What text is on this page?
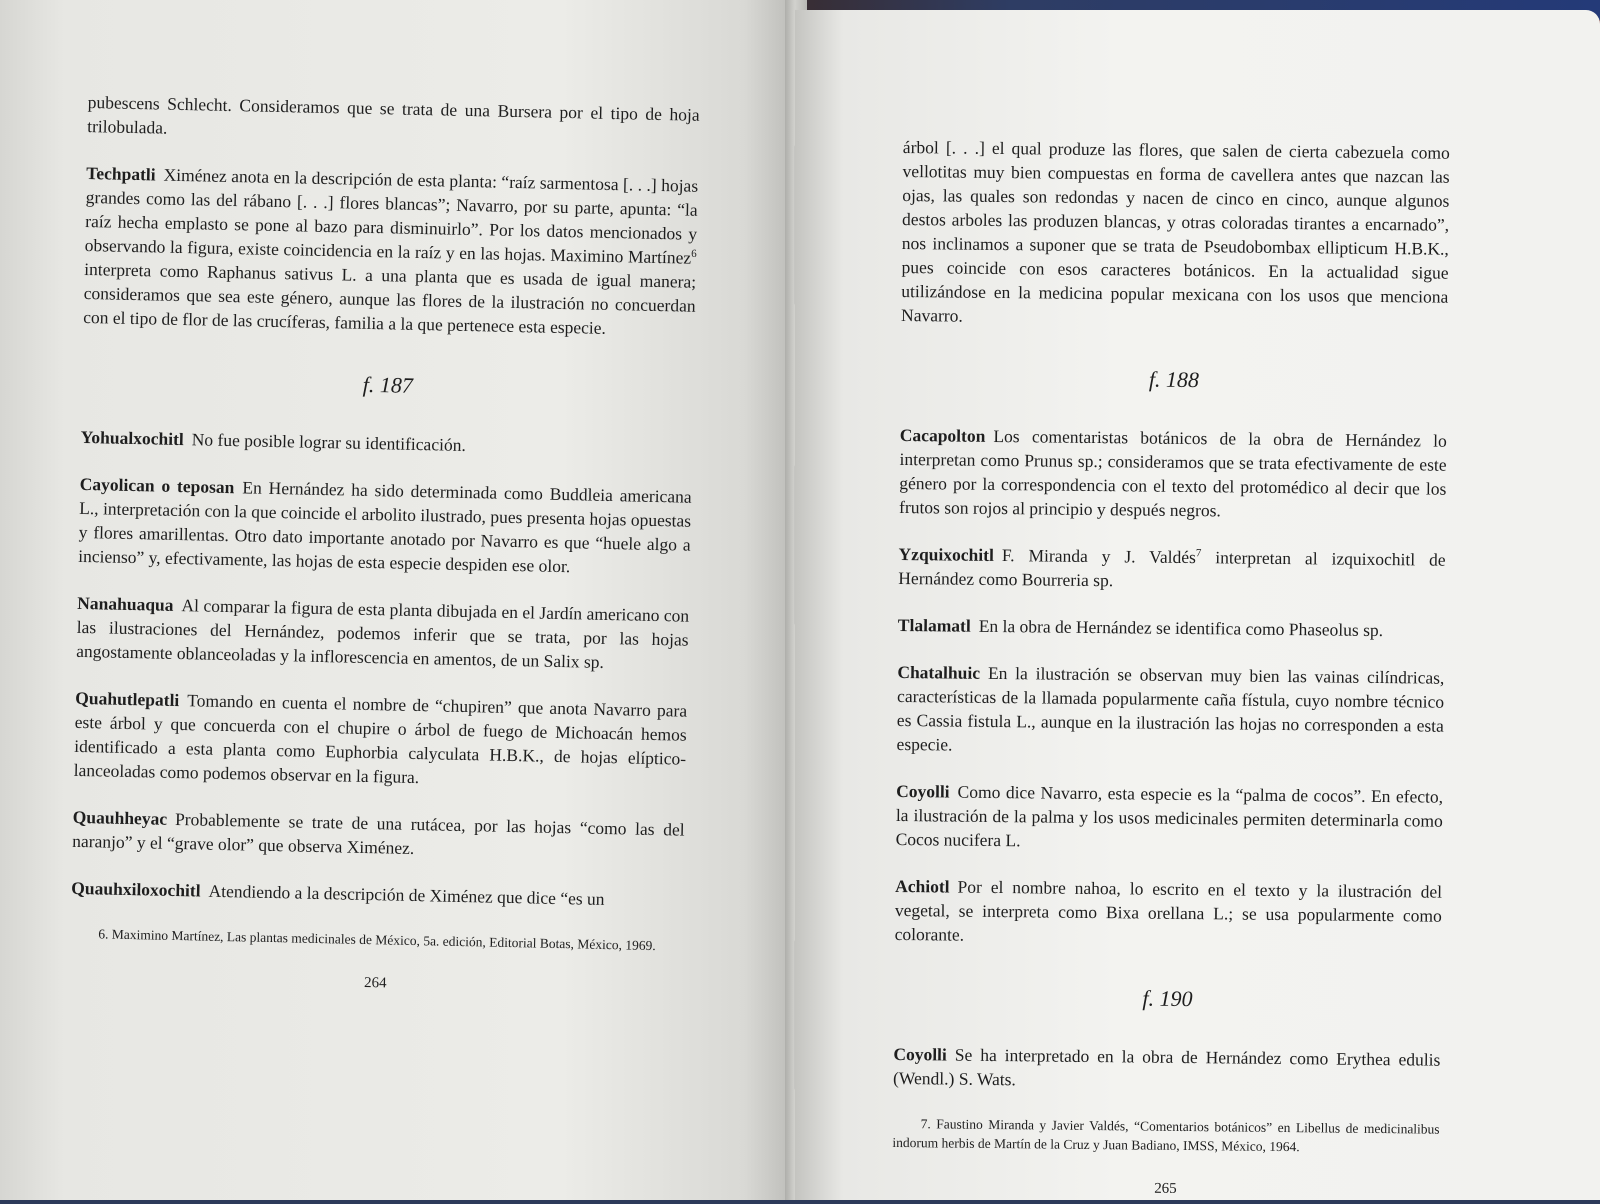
pubescens Schlecht. Consideramos que se trata de una Bursera por el tipo de hoja trilobulada.

Techpatli Ximénez anota en la descripción de esta planta: “raíz sarmentosa [. . .] hojas grandes como las del rábano [. . .] flores blancas”; Navarro, por su parte, apunta: “la raíz hecha emplasto se pone al bazo para disminuirlo”. Por los datos mencionados y observando la figura, existe coincidencia en la raíz y en las hojas. Maximino Martínez$^6$ interpreta como Raphanus sativus L. a una planta que es usada de igual manera; consideramos que sea este género, aunque las flores de la ilustración no concuerdan con el tipo de flor de las crucíferas, familia a la que pertenece esta especie.

f. 187

Yohualxochitl No fue posible lograr su identificación.

Cayolican o teposan En Hernández ha sido determinada como Buddleia americana L., interpretación con la que coincide el arbolito ilustrado, pues presenta hojas opuestas y flores amarillentas. Otro dato importante anotado por Navarro es que “huele algo a incienso” y, efectivamente, las hojas de esta especie despiden ese olor.

Nanahuaqua Al comparar la figura de esta planta dibujada en el Jardín americano con las ilustraciones del Hernández, podemos inferir que se trata, por las hojas angostamente oblanceoladas y la inflorescencia en amentos, de un Salix sp.

Quahutlepatli Tomando en cuenta el nombre de “chupiren” que anota Navarro para este árbol y que concuerda con el chupire o árbol de fuego de Michoacán hemos identificado a esta planta como Euphorbia calyculata H.B.K., de hojas elíptico-lanceoladas como podemos observar en la figura.

Quauhheyac Probablemente se trate de una rutácea, por las hojas “como las del naranjo” y el “grave olor” que observa Ximénez.

Quauhxiloxochitl Atendiendo a la descripción de Ximénez que dice “es un

6. Maximino Martínez, Las plantas medicinales de México, 5a. edición, Editorial Botas, México, 1969.

264

árbol [. . .] el qual produze las flores, que salen de cierta cabezuela como vellotitas muy bien compuestas en forma de cavellera antes que nazcan las ojas, las quales son redondas y nacen de cinco en cinco, aunque algunos destos arboles las produzen blancas, y otras coloradas tirantes a encarnado”, nos inclinamos a suponer que se trata de Pseudobombax ellipticum H.B.K., pues coincide con esos caracteres botánicos. En la actualidad sigue utilizándose en la medicina popular mexicana con los usos que menciona Navarro.

f. 188

Cacapolton Los comentaristas botánicos de la obra de Hernández lo interpretan como Prunus sp.; consideramos que se trata efectivamente de este género por la correspondencia con el texto del protomédico al decir que los frutos son rojos al principio y después negros.

Yzquixochitl F. Miranda y J. Valdés$^7$ interpretan al izquixochitl de Hernández como Bourreria sp.

Tlalamatl En la obra de Hernández se identifica como Phaseolus sp.

Chatalhuic En la ilustración se observan muy bien las vainas cilíndricas, características de la llamada popularmente caña fístula, cuyo nombre técnico es Cassia fistula L., aunque en la ilustración las hojas no corresponden a esta especie.

Coyolli Como dice Navarro, esta especie es la “palma de cocos”. En efecto, la ilustración de la palma y los usos medicinales permiten determinarla como Cocos nucifera L.

Achiotl Por el nombre nahoa, lo escrito en el texto y la ilustración del vegetal, se interpreta como Bixa orellana L.; se usa popularmente como colorante.

f. 190

Coyolli Se ha interpretado en la obra de Hernández como Erythea edulis (Wendl.) S. Wats.

7. Faustino Miranda y Javier Valdés, “Comentarios botánicos” en Libellus de medicinalibus indorum herbis de Martín de la Cruz y Juan Badiano, IMSS, México, 1964.

265
